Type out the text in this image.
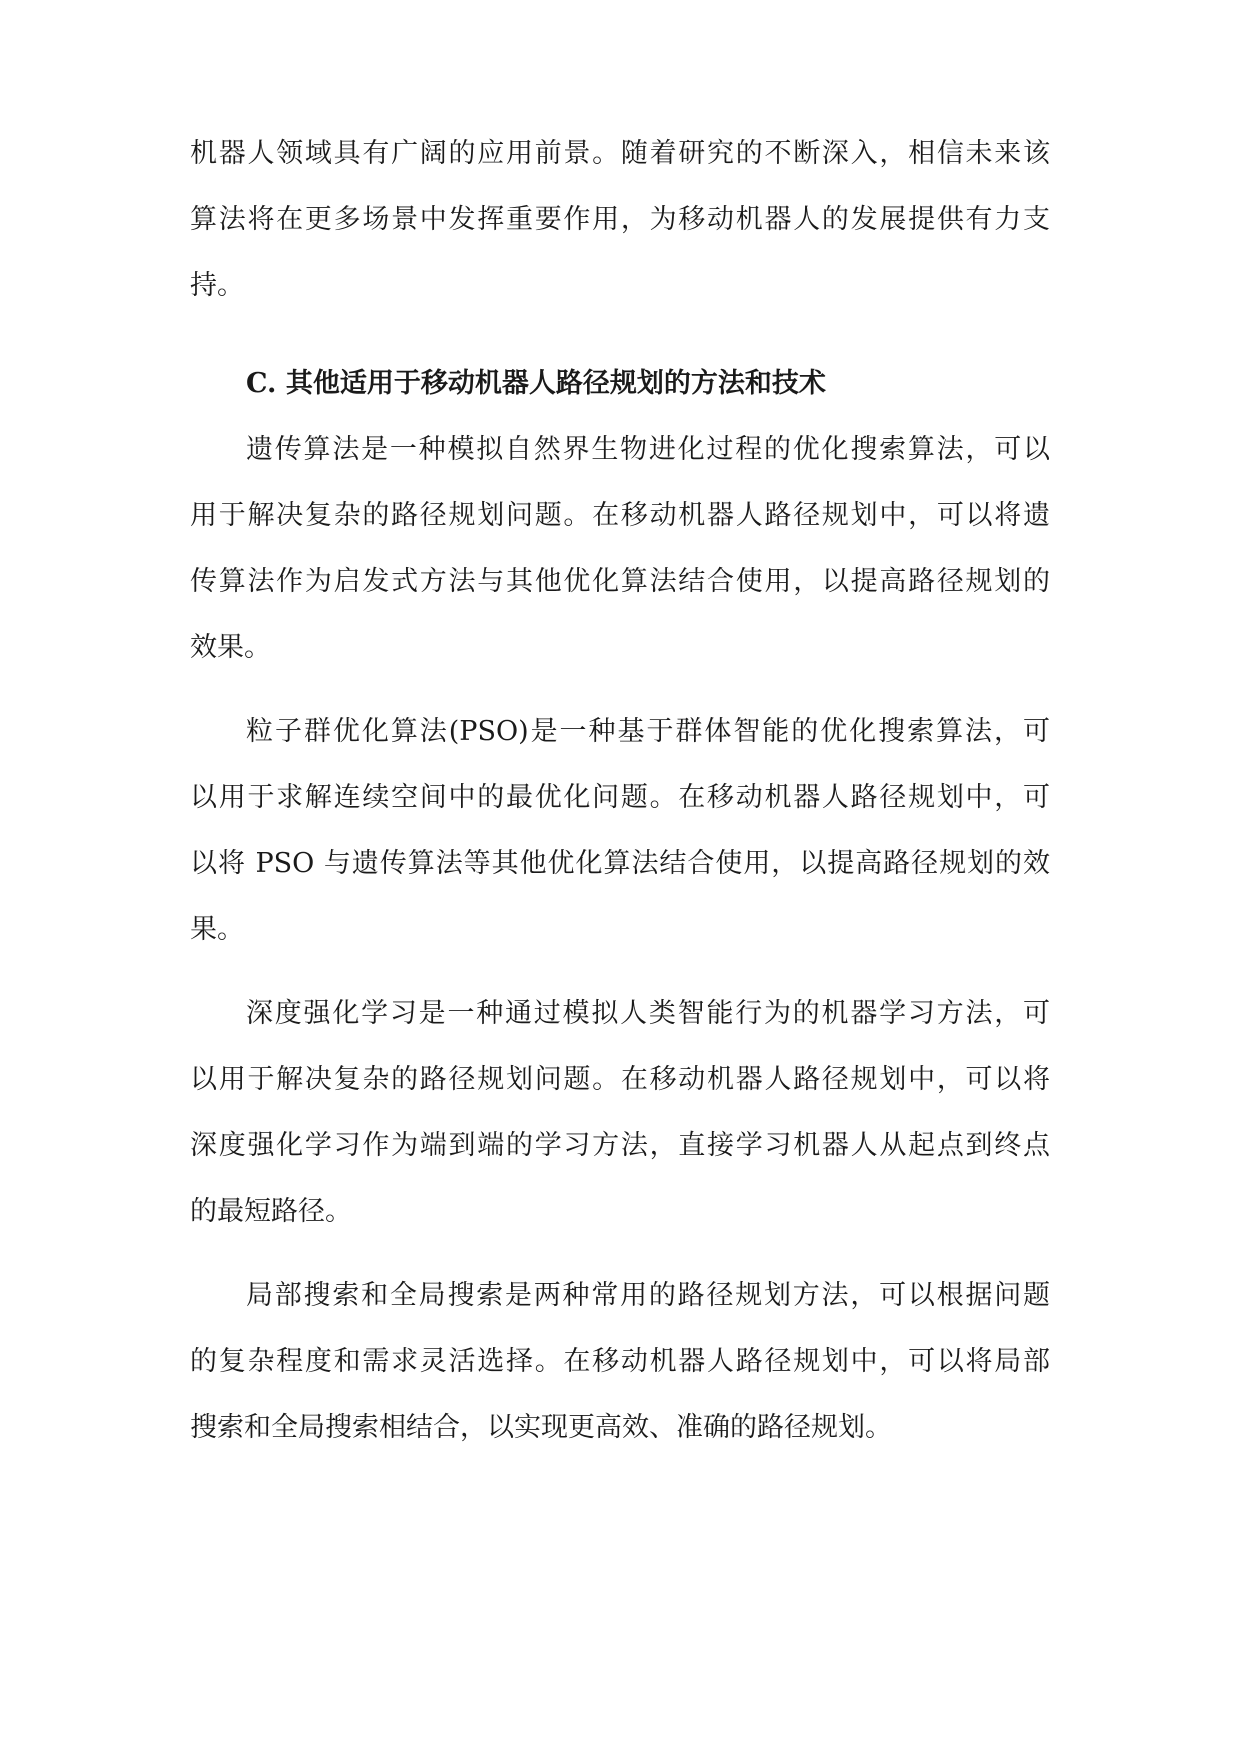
机器人领域具有广阔的应用前景。随着研究的不断深入，相信未来该
算法将在更多场景中发挥重要作用，为移动机器人的发展提供有力支
持。
C. 其他适用于移动机器人路径规划的方法和技术
遗传算法是一种模拟自然界生物进化过程的优化搜索算法，可以
用于解决复杂的路径规划问题。在移动机器人路径规划中，可以将遗
传算法作为启发式方法与其他优化算法结合使用，以提高路径规划的
效果。
粒子群优化算法(PSO)是一种基于群体智能的优化搜索算法，可
以用于求解连续空间中的最优化问题。在移动机器人路径规划中，可
以将 PSO 与遗传算法等其他优化算法结合使用，以提高路径规划的效
果。
深度强化学习是一种通过模拟人类智能行为的机器学习方法，可
以用于解决复杂的路径规划问题。在移动机器人路径规划中，可以将
深度强化学习作为端到端的学习方法，直接学习机器人从起点到终点
的最短路径。
局部搜索和全局搜索是两种常用的路径规划方法，可以根据问题
的复杂程度和需求灵活选择。在移动机器人路径规划中，可以将局部
搜索和全局搜索相结合，以实现更高效、准确的路径规划。
